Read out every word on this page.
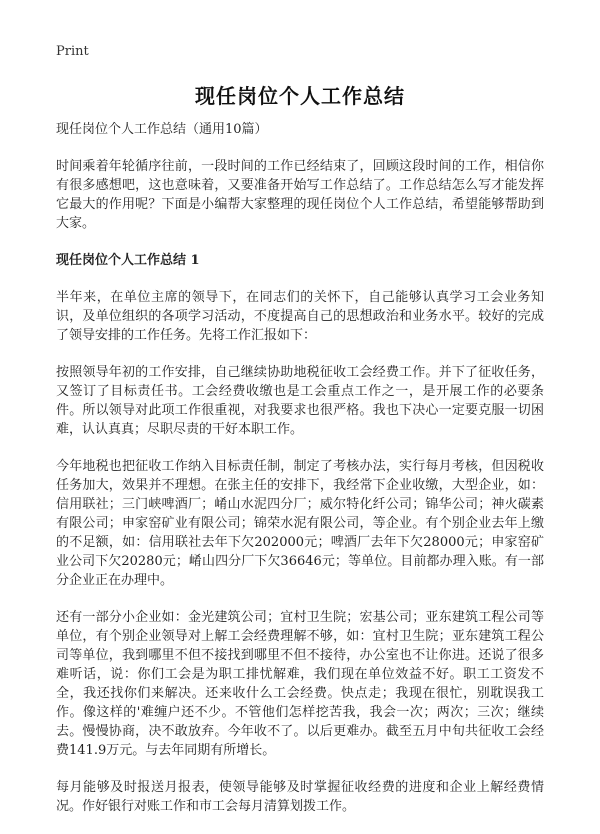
Print
现任岗位个人工作总结

现任岗位个人工作总结（通用10篇）

时间乘着年轮循序往前，一段时间的工作已经结束了，回顾这段时间的工作，相信你有很多感想吧，这也意味着，又要准备开始写工作总结了。工作总结怎么写才能发挥它最大的作用呢？下面是小编帮大家整理的现任岗位个人工作总结，希望能够帮助到大家。

现任岗位个人工作总结 1

半年来，在单位主席的领导下，在同志们的关怀下，自己能够认真学习工会业务知识，及单位组织的各项学习活动，不度提高自己的思想政治和业务水平。较好的完成了领导安排的工作任务。先将工作汇报如下：

按照领导年初的工作安排，自己继续协助地税征收工会经费工作。并下了征收任务，又签订了目标责任书。工会经费收缴也是工会重点工作之一，是开展工作的必要条件。所以领导对此项工作很重视，对我要求也很严格。我也下决心一定要克服一切困难，认认真真；尽职尽责的干好本职工作。

今年地税也把征收工作纳入目标责任制，制定了考核办法，实行每月考核，但因税收任务加大，效果并不理想。在张主任的安排下，我经常下企业收缴，大型企业，如：信用联社；三门峡啤酒厂；崤山水泥四分厂；威尔特化纤公司；锦华公司；神火碳素有限公司；申家窑矿业有限公司；锦荣水泥有限公司，等企业。有个别企业去年上缴的不足额，如：信用联社去年下欠202000元；啤酒厂去年下欠28000元；申家窑矿业公司下欠20280元；崤山四分厂下欠36646元；等单位。目前都办理入账。有一部分企业正在办理中。

还有一部分小企业如：金光建筑公司；宜村卫生院；宏基公司；亚东建筑工程公司等单位，有个别企业领导对上解工会经费理解不够，如：宜村卫生院；亚东建筑工程公司等单位，我到哪里不但不接找到哪里不但不接待，办公室也不让你进。还说了很多难听话，说：你们工会是为职工排忧解难，我们现在单位效益不好。职工工资发不全，我还找你们来解决。还来收什么工会经费。快点走；我现在很忙，别耽误我工作。像这样的'难缠户还不少。不管他们怎样挖苦我，我会一次；两次；三次；继续去。慢慢协商，决不敢放弃。今年收不了。以后更难办。截至五月中旬共征收工会经费141.9万元。与去年同期有所增长。

每月能够及时报送月报表，使领导能够及时掌握征收经费的进度和企业上解经费情况。作好银行对账工作和市工会每月清算划拨工作。
